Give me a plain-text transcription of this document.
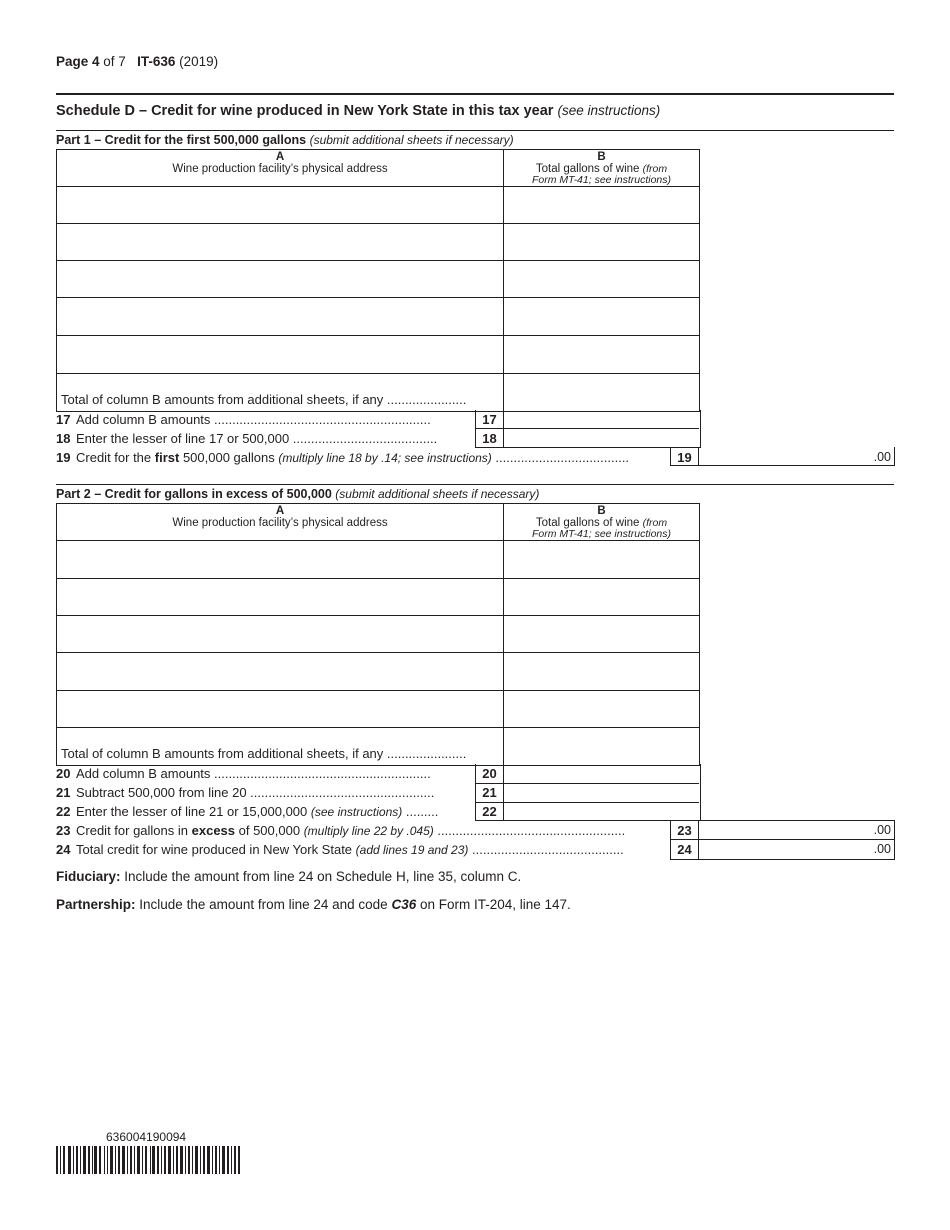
Page 4 of 7 IT-636 (2019)
Schedule D – Credit for wine produced in New York State in this tax year (see instructions)
Part 1 – Credit for the first 500,000 gallons (submit additional sheets if necessary)
A
Wine production facility’s physical address
B
Total gallons of wine (from
Form MT-41; see instructions)
Total of column B amounts from additional sheets, if any ......................
17 Add column B amounts ............................................................	17
18 Enter the lesser of line 17 or 500,000 ........................................	18
19 Credit for the first 500,000 gallons (multiply line 18 by .14; see instructions) .....................................	19	.00
Part 2 – Credit for gallons in excess of 500,000 (submit additional sheets if necessary)
A
Wine production facility’s physical address
B
Total gallons of wine (from
Form MT-41; see instructions)
Total of column B amounts from additional sheets, if any ......................
20 Add column B amounts ............................................................	20
21 Subtract 500,000 from line 20 ...................................................	21
22 Enter the lesser of line 21 or 15,000,000 (see instructions) .........	22
23 Credit for gallons in excess of 500,000 (multiply line 22 by .045) ....................................................	23	.00
24 Total credit for wine produced in New York State (add lines 19 and 23) ..........................................	24	.00
Fiduciary: Include the amount from line 24 on Schedule H, line 35, column C.
Partnership: Include the amount from line 24 and code C36 on Form IT-204, line 147.
636004190094
